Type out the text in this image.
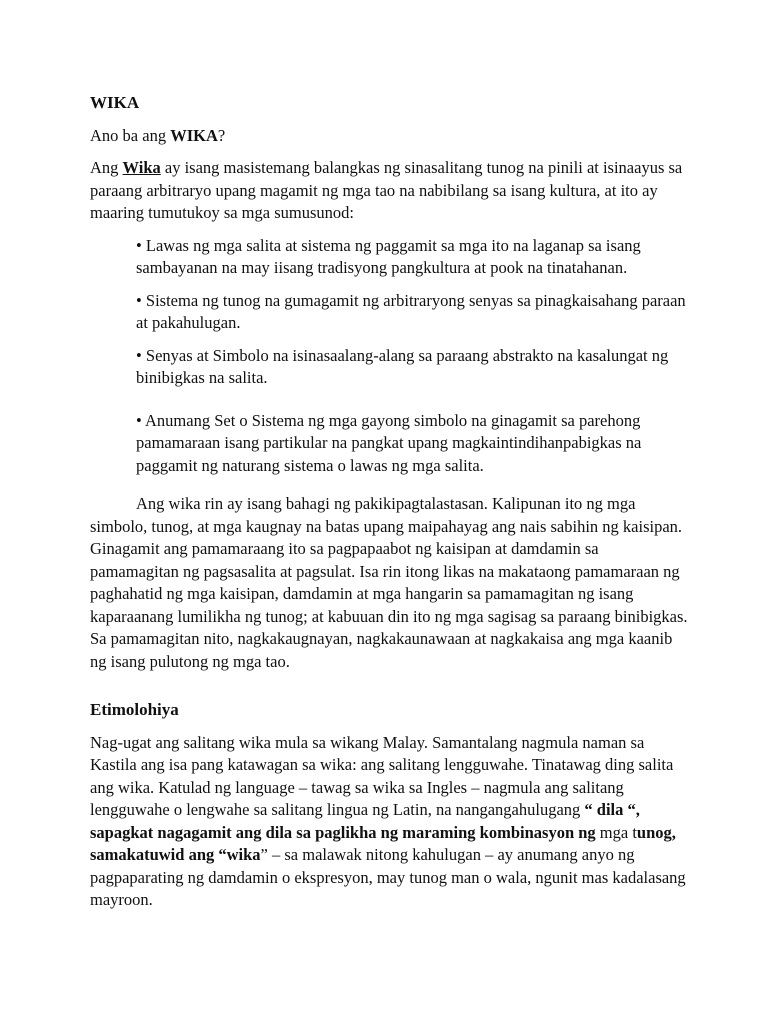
WIKA

Ano ba ang WIKA?

Ang Wika ay isang masistemang balangkas ng sinasalitang tunog na pinili at isinaayus sa paraang arbitraryo upang magamit ng mga tao na nabibilang sa isang kultura, at ito ay maaring tumutukoy sa mga sumusunod:

• Lawas ng mga salita at sistema ng paggamit sa mga ito na laganap sa isang sambayanan na may iisang tradisyong pangkultura at pook na tinatahanan.
• Sistema ng tunog na gumagamit ng arbitraryong senyas sa pinagkaisahang paraan at pakahulugan.
• Senyas at Simbolo na isinasaalang-alang sa paraang abstrakto na kasalungat ng binibigkas na salita.
• Anumang Set o Sistema ng mga gayong simbolo na ginagamit sa parehong pamamaraan isang partikular na pangkat upang magkaintindihanpabigkas na paggamit ng naturang sistema o lawas ng mga salita.

Ang wika rin ay isang bahagi ng pakikipagtalastasan. Kalipunan ito ng mga simbolo, tunog, at mga kaugnay na batas upang maipahayag ang nais sabihin ng kaisipan. Ginagamit ang pamamaraang ito sa pagpapaabot ng kaisipan at damdamin sa pamamagitan ng pagsasalita at pagsulat. Isa rin itong likas na makataong pamamaraan ng paghahatid ng mga kaisipan, damdamin at mga hangarin sa pamamagitan ng isang kaparaanang lumilikha ng tunog; at kabuuan din ito ng mga sagisag sa paraang binibigkas. Sa pamamagitan nito, nagkakaugnayan, nagkakaunawaan at nagkakaisa ang mga kaanib ng isang pulutong ng mga tao.

Etimolohiya

Nag-ugat ang salitang wika mula sa wikang Malay. Samantalang nagmula naman sa Kastila ang isa pang katawagan sa wika: ang salitang lengguwahe. Tinatawag ding salita ang wika. Katulad ng language – tawag sa wika sa Ingles – nagmula ang salitang lengguwahe o lengwahe sa salitang lingua ng Latin, na nangangahulugang “ dila “, sapagkat nagagamit ang dila sa paglikha ng maraming kombinasyon ng mga tunog, samakatuwid ang “wika” – sa malawak nitong kahulugan – ay anumang anyo ng pagpaparating ng damdamin o ekspresyon, may tunog man o wala, ngunit mas kadalasang mayroon.
